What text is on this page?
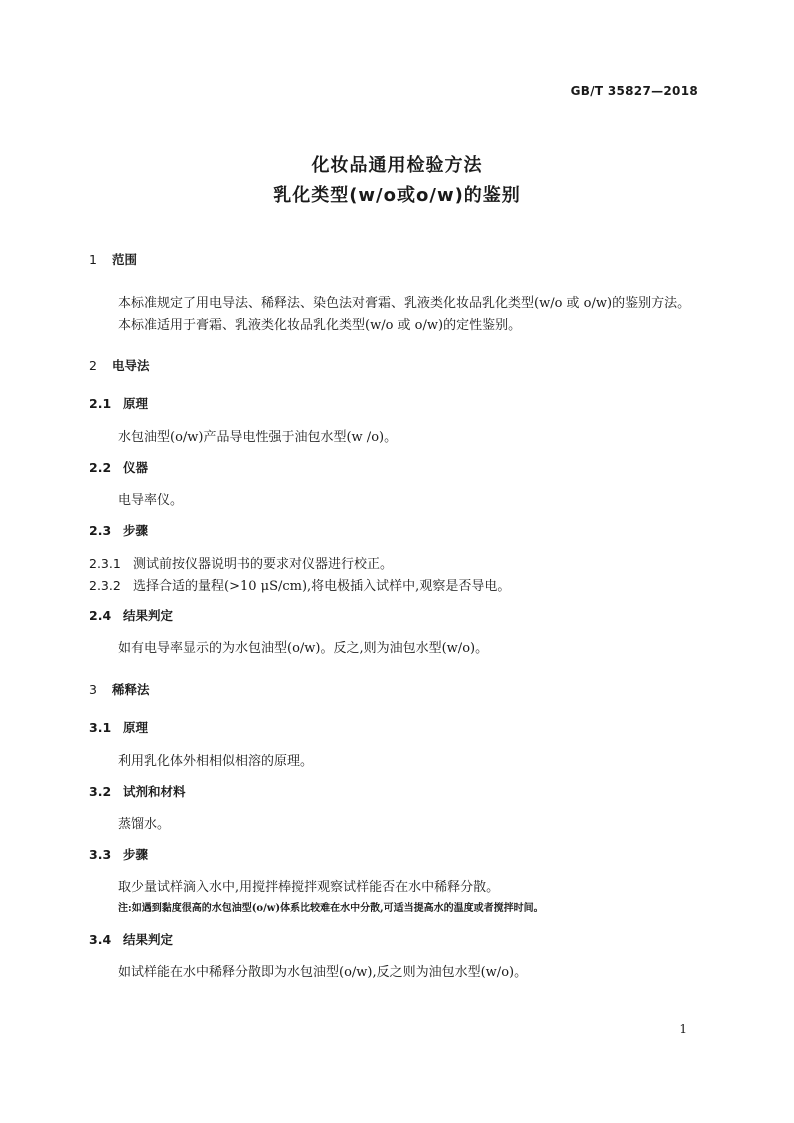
GB/T 35827—2018
化妆品通用检验方法
乳化类型(w/o或o/w)的鉴别
1 范围
本标准规定了用电导法、稀释法、染色法对膏霜、乳液类化妆品乳化类型(w/o 或 o/w)的鉴别方法。
本标准适用于膏霜、乳液类化妆品乳化类型(w/o 或 o/w)的定性鉴别。
2 电导法
2.1 原理
水包油型(o/w)产品导电性强于油包水型(w /o)。
2.2 仪器
电导率仪。
2.3 步骤
2.3.1 测试前按仪器说明书的要求对仪器进行校正。
2.3.2 选择合适的量程(>10 μS/cm),将电极插入试样中,观察是否导电。
2.4 结果判定
如有电导率显示的为水包油型(o/w)。反之,则为油包水型(w/o)。
3 稀释法
3.1 原理
利用乳化体外相相似相溶的原理。
3.2 试剂和材料
蒸馏水。
3.3 步骤
取少量试样滴入水中,用搅拌棒搅拌观察试样能否在水中稀释分散。
注:如遇到黏度很高的水包油型(o/w)体系比较难在水中分散,可适当提高水的温度或者搅拌时间。
3.4 结果判定
如试样能在水中稀释分散即为水包油型(o/w),反之则为油包水型(w/o)。
1
